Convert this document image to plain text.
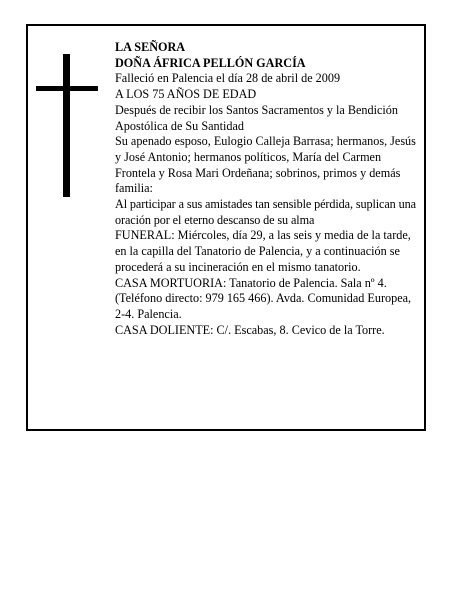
LA SEÑORA

DOÑA ÁFRICA PELLÓN GARCÍA

Falleció en Palencia el día 28 de abril de 2009

A LOS 75 AÑOS DE EDAD

Después de recibir los Santos Sacramentos y la Bendición Apostólica de Su Santidad

Su apenado esposo, Eulogio Calleja Barrasa; hermanos, Jesús y José Antonio; hermanos políticos, María del Carmen Frontela y Rosa Mari Ordeñana; sobrinos, primos y demás familia:

Al participar a sus amistades tan sensible pérdida, suplican una oración por el eterno descanso de su alma

FUNERAL: Miércoles, día 29, a las seis y media de la tarde, en la capilla del Tanatorio de Palencia, y a continuación se procederá a su incineración en el mismo tanatorio.

CASA MORTUORIA: Tanatorio de Palencia. Sala nº 4. (Teléfono directo: 979 165 466). Avda. Comunidad Europea, 2-4. Palencia.

CASA DOLIENTE: C/. Escabas, 8. Cevico de la Torre.
